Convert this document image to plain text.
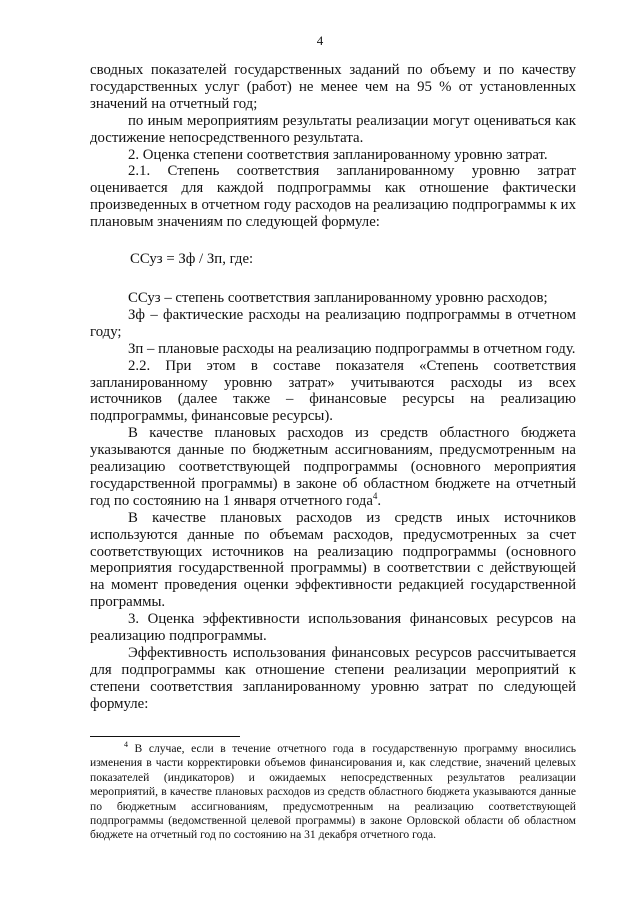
4

сводных показателей государственных заданий по объему и по качеству государственных услуг (работ) не менее чем на 95 % от установленных значений на отчетный год;

по иным мероприятиям результаты реализации могут оцениваться как достижение непосредственного результата.

2. Оценка степени соответствия запланированному уровню затрат.

2.1. Степень соответствия запланированному уровню затрат оценивается для каждой подпрограммы как отношение фактически произведенных в отчетном году расходов на реализацию подпрограммы к их плановым значениям по следующей формуле:

ССуз = Зф / Зп, где:

ССуз – степень соответствия запланированному уровню расходов;

Зф – фактические расходы на реализацию подпрограммы в отчетном году;

Зп – плановые расходы на реализацию подпрограммы в отчетном году.

2.2. При этом в составе показателя «Степень соответствия запланированному уровню затрат» учитываются расходы из всех источников (далее также – финансовые ресурсы на реализацию подпрограммы, финансовые ресурсы).

В качестве плановых расходов из средств областного бюджета указываются данные по бюджетным ассигнованиям, предусмотренным на реализацию соответствующей подпрограммы (основного мероприятия государственной программы) в законе об областном бюджете на отчетный год по состоянию на 1 января отчетного года$^4$.

В качестве плановых расходов из средств иных источников используются данные по объемам расходов, предусмотренных за счет соответствующих источников на реализацию подпрограммы (основного мероприятия государственной программы) в соответствии с действующей на момент проведения оценки эффективности редакцией государственной программы.

3. Оценка эффективности использования финансовых ресурсов на реализацию подпрограммы.

Эффективность использования финансовых ресурсов рассчитывается для подпрограммы как отношение степени реализации мероприятий к степени соответствия запланированному уровню затрат по следующей формуле:

$^4$ В случае, если в течение отчетного года в государственную программу вносились изменения в части корректировки объемов финансирования и, как следствие, значений целевых показателей (индикаторов) и ожидаемых непосредственных результатов реализации мероприятий, в качестве плановых расходов из средств областного бюджета указываются данные по бюджетным ассигнованиям, предусмотренным на реализацию соответствующей подпрограммы (ведомственной целевой программы) в законе Орловской области об областном бюджете на отчетный год по состоянию на 31 декабря отчетного года.
